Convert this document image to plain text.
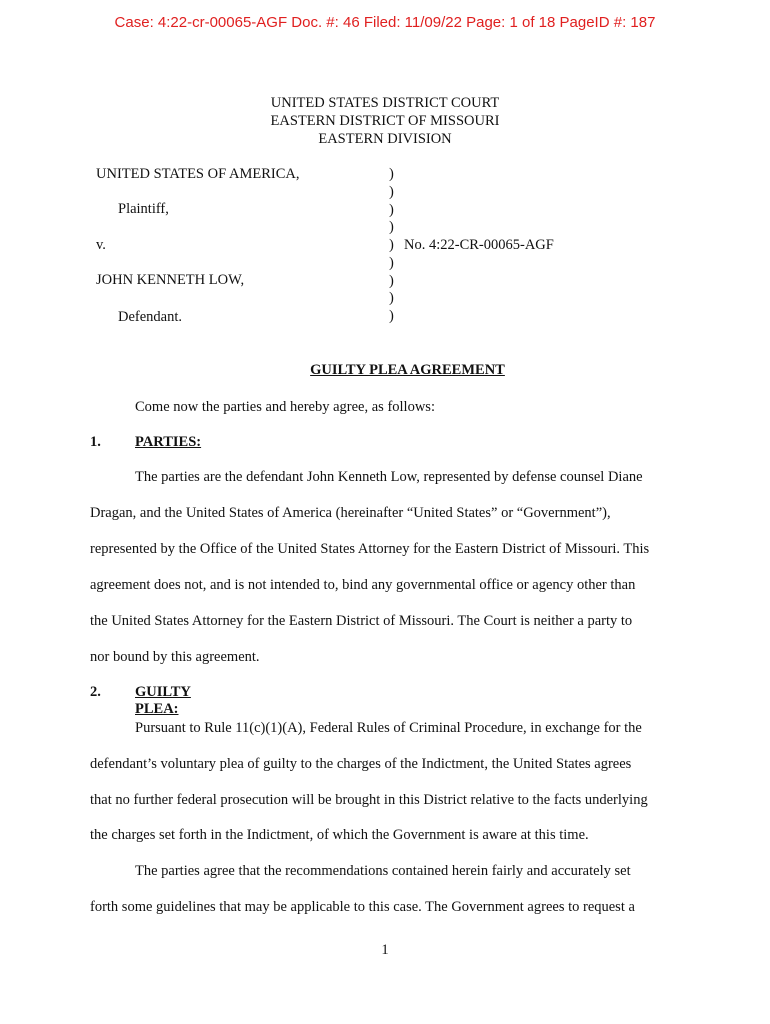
Case: 4:22-cr-00065-AGF Doc. #: 46 Filed: 11/09/22 Page: 1 of 18 PageID #: 187
UNITED STATES DISTRICT COURT
EASTERN DISTRICT OF MISSOURI
EASTERN DIVISION
UNITED STATES OF AMERICA,
Plaintiff,
v.
JOHN KENNETH LOW,
Defendant.
No. 4:22-CR-00065-AGF
)
)
)
)
)
)
)
)
)
GUILTY PLEA AGREEMENT
Come now the parties and hereby agree, as follows:
1. PARTIES:
The parties are the defendant John Kenneth Low, represented by defense counsel Diane
Dragan, and the United States of America (hereinafter “United States” or “Government”),
represented by the Office of the United States Attorney for the Eastern District of Missouri. This
agreement does not, and is not intended to, bind any governmental office or agency other than
the United States Attorney for the Eastern District of Missouri. The Court is neither a party to
nor bound by this agreement.
2. GUILTY PLEA:
Pursuant to Rule 11(c)(1)(A), Federal Rules of Criminal Procedure, in exchange for the
defendant’s voluntary plea of guilty to the charges of the Indictment, the United States agrees
that no further federal prosecution will be brought in this District relative to the facts underlying
the charges set forth in the Indictment, of which the Government is aware at this time.
The parties agree that the recommendations contained herein fairly and accurately set
forth some guidelines that may be applicable to this case. The Government agrees to request a
1
